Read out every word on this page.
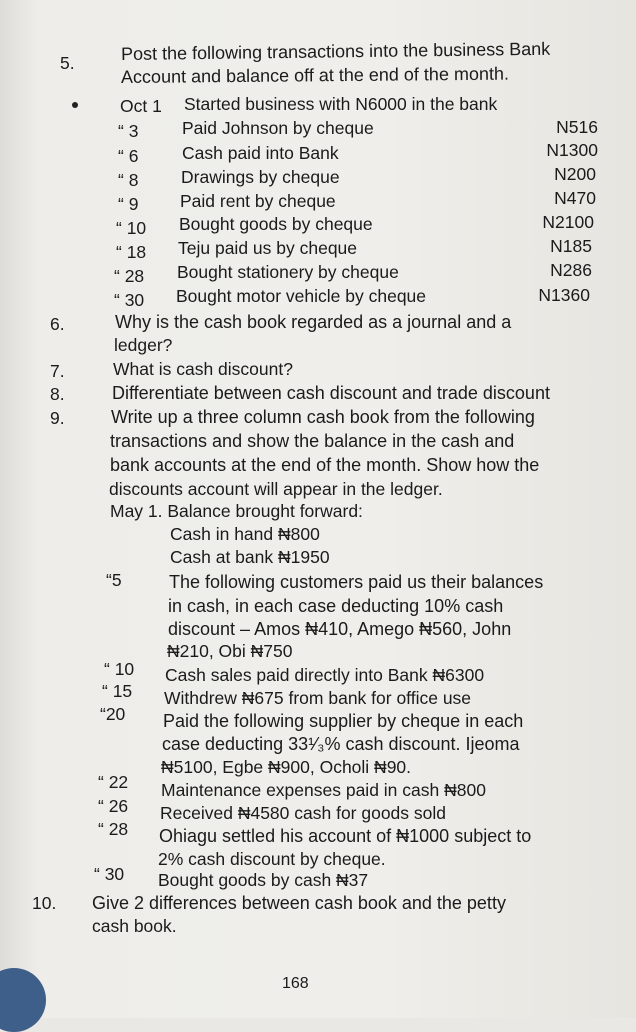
5.	Post the following transactions into the business Bank
Account and balance off at the end of the month.
Oct 1 Started business with N6000 in the bank
“ 3 Paid Johnson by cheque	N516
“ 6 Cash paid into Bank	N1300
“ 8 Drawings by cheque	N200
“ 9 Paid rent by cheque	N470
“ 10 Bought goods by cheque	N2100
“ 18 Teju paid us by cheque	N185
“ 28 Bought stationery by cheque	N286
“ 30 Bought motor vehicle by cheque	N1360
6.	Why is the cash book regarded as a journal and a
ledger?
7.	What is cash discount?
8.	Differentiate between cash discount and trade discount
9.	Write up a three column cash book from the following
transactions and show the balance in the cash and
bank accounts at the end of the month. Show how the
discounts account will appear in the ledger.
May 1. Balance brought forward:
Cash in hand ₦800
Cash at bank ₦1950
“5	The following customers paid us their balances
in cash, in each case deducting 10% cash
discount – Amos ₦410, Amego ₦560, John
₦210, Obi ₦750
“ 10 Cash sales paid directly into Bank ₦6300
“ 15 Withdrew ₦675 from bank for office use
“20 Paid the following supplier by cheque in each
case deducting 33¹⁄₃% cash discount. Ijeoma
₦5100, Egbe ₦900, Ocholi ₦90.
“ 22 Maintenance expenses paid in cash ₦800
“ 26 Received ₦4580 cash for goods sold
“ 28 Ohiagu settled his account of ₦1000 subject to
2% cash discount by cheque.
“ 30 Bought goods by cash ₦37
10. Give 2 differences between cash book and the petty
cash book.
168
